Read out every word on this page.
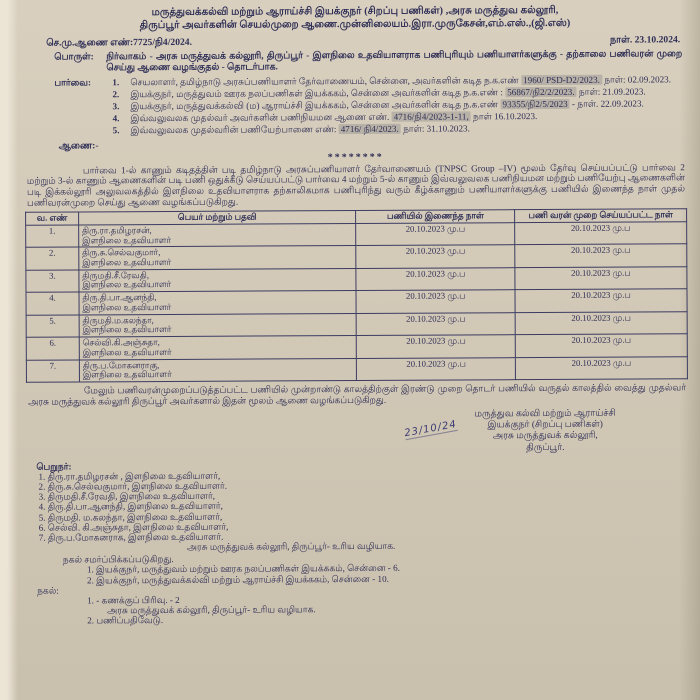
மருத்துவக்கல்வி மற்றும் ஆராய்ச்சி இயக்குநர் (சிறப்பு பணிகள்) ,அரசு மருத்துவ கல்லூரி,
திருப்பூர் அவர்களின் செயல்முறை ஆணை.முன்னிலையம்.இரா.முருகேசன்,எம்.எஸ்.,(ஜி.எஸ்)
செ.மு.ஆணை எண்:7725/நி4/2024.	நாள். 23.10.2024.
பொருள்:	நிர்வாகம் - அரசு மருத்துவக் கல்லூரி, திருப்பூர் - இளநிலை உதவியாளராக பணிபுரியும் பணியாளர்களுக்கு - தற்காலை பணிவரன் முறை செய்து ஆணை வழங்குதல் - தொடர்பாக.
பார்வை:	1.	செயலாளர், தமிழ்நாடு அரசுப்பணியாளர் தேர்வாணையம், சென்னை, அவர்களின் கடித ந.க.எண் 1960/ PSD-D2/2023. நாள்: 02.09.2023.
2.	இயக்குநர், மருத்துவம் ஊரக நலப்பணிகள் இயக்ககம், சென்னை அவர்களின் கடித ந.க.எண் : 56867/நி2/2/2023. நாள்: 21.09.2023.
3.	இயக்குநர், மருத்துவக்கல்வி (ம) ஆராய்ச்சி இயக்ககம், சென்னை அவர்களின் கடித ந.க.எண் 93355/நி2/5/2023 - நாள். 22.09.2023.
4.	இவ்வலுவலக முதல்வர் அவர்களின் பணிநியமன ஆணை எண். 4716/நி4/2023-1-11, நாள் 16.10.2023.
5.	இவ்வலுவலக முதல்வரின் பணியேற்பாணை எண்: 4716/ நி4/2023. நாள்: 31.10.2023.
ஆணை:-
********

பார்வை 1-ல் காணும் கடிதத்தின் படி தமிழ்நாடு அரசுப்பணியாளர் தேர்வாணையம் (TNPSC Group –IV) மூலம் தேர்வு செய்யப்பட்டு பார்வை 2 மற்றும் 3-ல் காணும் ஆணைகளின் படி பணி ஒதுக்கீடு செய்யப்பட்டு பார்வை 4 மற்றும் 5-ல் காணும் இவ்வலுவலக பணிநியமன மற்றும் பணியேற்பு ஆணைகளின் படி இக்கல்லூரி அலுவலகத்தில் இளநிலை உதவியாளராக தற்காலிகமாக பணிபுரிந்து வரும் கீழ்க்காணும் பணியாளர்களுக்கு பணியில் இணைந்த நாள் முதல் பணிவரன்முறை செய்து ஆணை வழங்கப்படுகிறது.

வ. எண்	பெயர் மற்றும் பதவி	பணியில் இணைந்த நாள்	பணி வரன் முறை செய்யப்பட்ட நாள்
1.	திரு.ரா.தமிழரசன்,
இளநிலை உதவியாளர்	20.10.2023 மு.ப	20.10.2023 மு.ப
2.	திரு.சு.செல்வகுமார்,
இளநிலை உதவியாளர்	20.10.2023 மு.ப	20.10.2023 மு.ப
3.	திருமதி.சீ.ரேவதி,
இளநிலை உதவியாளர்	20.10.2023 மு.ப	20.10.2023 மு.ப
4.	திரு.தி.பா.ஆனந்தி,
இளநிலை உதவியாளர்	20.10.2023 மு.ப	20.10.2023 மு.ப
5.	திருமதி.ம.கலந்தா,
இளநிலை உதவியாளர்	20.10.2023 மு.ப	20.10.2023 மு.ப
6.	செல்வி.கி.அஞ்சுதா,
இளநிலை உதவியாளர்	20.10.2023 மு.ப	20.10.2023 மு.ப
7.	திரு.ப.மோகனராகு,
இளநிலை உதவியாளர்	20.10.2023 மு.ப	20.10.2023 மு.ப

மேலும் பணிவரன்முறைப்படுத்தப்பட்ட பணியில் முன்றாண்டு காலத்திற்குள் இரண்டு முறை தொடர் பணியில் வருதல் காலத்தில் வைத்து முதல்வர் அரசு மருத்துவக் கல்லூரி திருப்பூர் அவர்களால் இதன் மூலம் ஆணை வழங்கப்படுகிறது.

23/10/24
மருத்துவ கல்வி மற்றும் ஆராய்ச்சி
இயக்குநர் (சிறப்பு பணிகள்)
அரசு மருத்துவக் கல்லூரி,
திருப்பூர்.
பெறுநர்:
1. திரு.ரா.தமிழரசன் , இளநிலை உதவியாளர்,
2. திரு.சு.செல்வகுமார், இளநிலை உதவியாளர்.
3. திருமதி.சீ.ரேவதி, இளநிலை உதவியாளர்,
4. திரு.தி.பா.ஆனந்தி, இளநிலை உதவியாளர்,
5. திருமதி. ம.கலந்தா, இளநிலை உதவியாளர்,
6. செல்வி. கி.அஞ்சுதா, இளநிலை உதவியாளர்,
7. திரு.ப.மோகனராக, இளநிலை உதவியாளர்.
அரசு மருத்துவக் கல்லூரி, திருப்பூர்- உரிய வழியாக.
நகல் சமர்ப்பிக்கப்படுகிறது.
1. இயக்குநர், மருத்துவம் மற்றும் ஊரக நலப்பணிகள் இயக்ககம், சென்னை - 6.
2. இயக்குநர், மருத்துவக்கல்வி மற்றும் ஆராய்ச்சி இயக்ககம், சென்னை - 10.
நகல்:
1. - கணக்குப் பிரிவு. - 2
அரசு மருத்துவக் கல்லூரி, திருப்பூர்- உரிய வழியாக.
2. பணிப்பதிவேடு.
